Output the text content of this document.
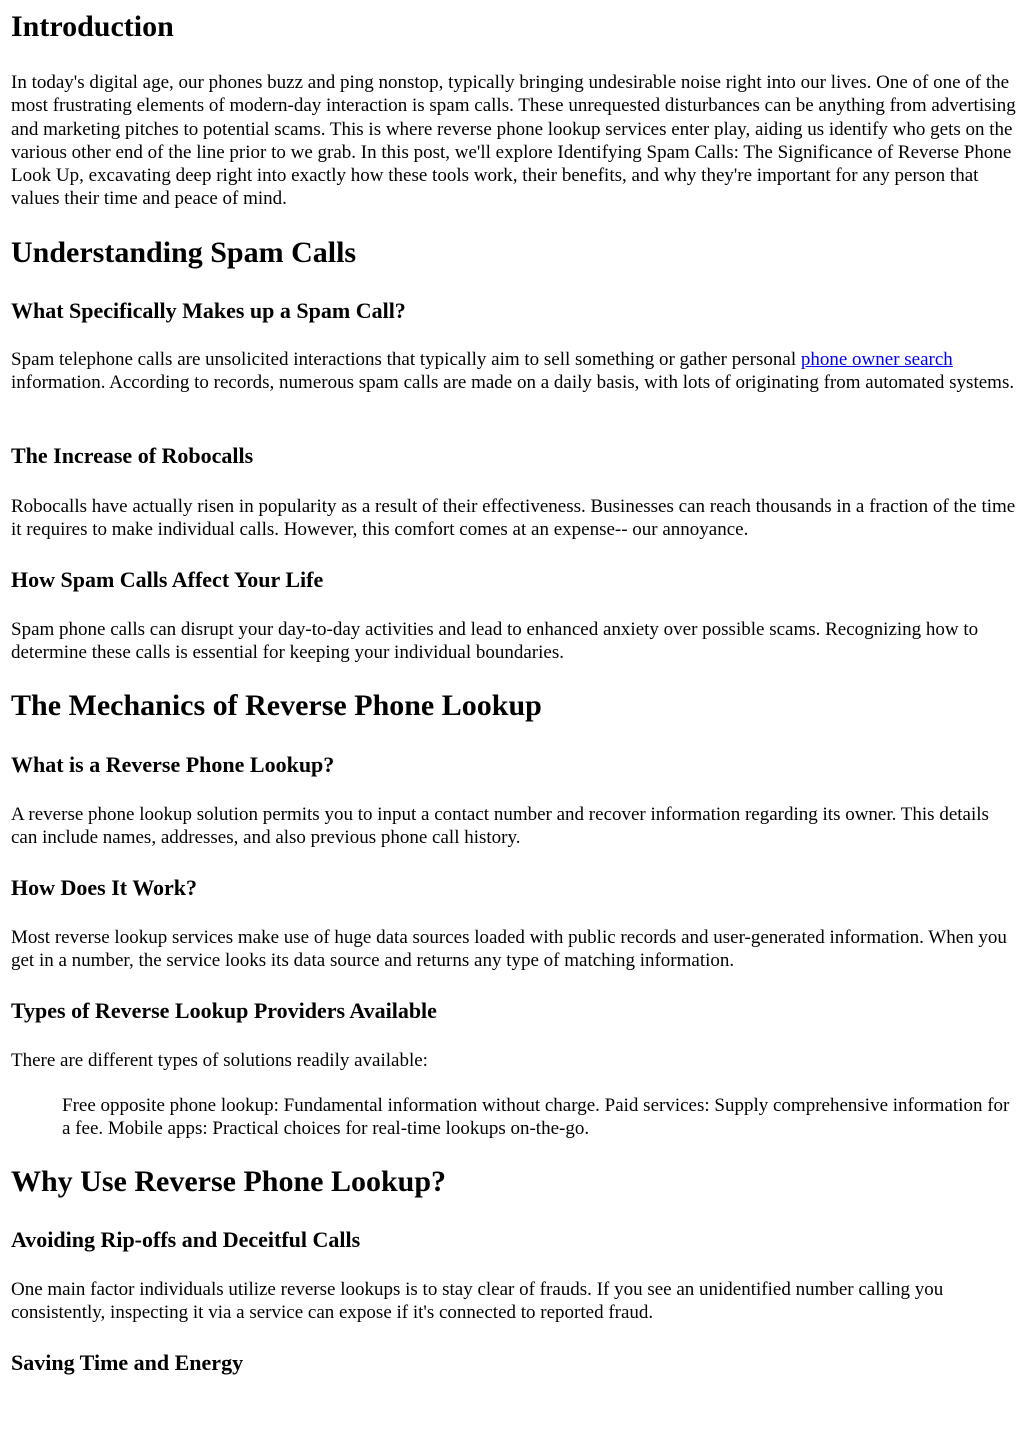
Introduction

In today's digital age, our phones buzz and ping nonstop, typically bringing undesirable noise right into our lives. One of one of the most frustrating elements of modern-day interaction is spam calls. These unrequested disturbances can be anything from advertising and marketing pitches to potential scams. This is where reverse phone lookup services enter play, aiding us identify who gets on the various other end of the line prior to we grab. In this post, we'll explore Identifying Spam Calls: The Significance of Reverse Phone Look Up, excavating deep right into exactly how these tools work, their benefits, and why they're important for any person that values their time and peace of mind.

Understanding Spam Calls
What Specifically Makes up a Spam Call?

Spam telephone calls are unsolicited interactions that typically aim to sell something or gather personal phone owner search information. According to records, numerous spam calls are made on a daily basis, with lots of originating from automated systems.

The Increase of Robocalls

Robocalls have actually risen in popularity as a result of their effectiveness. Businesses can reach thousands in a fraction of the time it requires to make individual calls. However, this comfort comes at an expense-- our annoyance.

How Spam Calls Affect Your Life

Spam phone calls can disrupt your day-to-day activities and lead to enhanced anxiety over possible scams. Recognizing how to determine these calls is essential for keeping your individual boundaries.

The Mechanics of Reverse Phone Lookup
What is a Reverse Phone Lookup?

A reverse phone lookup solution permits you to input a contact number and recover information regarding its owner. This details can include names, addresses, and also previous phone call history.

How Does It Work?

Most reverse lookup services make use of huge data sources loaded with public records and user-generated information. When you get in a number, the service looks its data source and returns any type of matching information.

Types of Reverse Lookup Providers Available

There are different types of solutions readily available:

Free opposite phone lookup: Fundamental information without charge. Paid services: Supply comprehensive information for a fee. Mobile apps: Practical choices for real-time lookups on-the-go.
Why Use Reverse Phone Lookup?
Avoiding Rip-offs and Deceitful Calls

One main factor individuals utilize reverse lookups is to stay clear of frauds. If you see an unidentified number calling you consistently, inspecting it via a service can expose if it's connected to reported fraud.

Saving Time and Energy
